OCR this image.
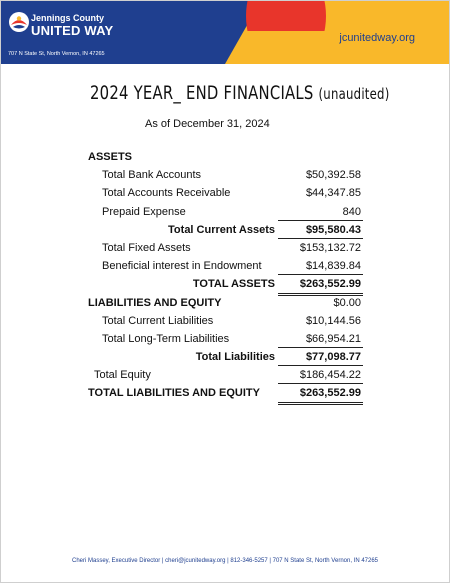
Jennings County
UNITED WAY
707 N State St, North Vernon, IN 47265
jcunitedway.org
2024 YEAR_ END FINANCIALS (unaudited)
As of December 31, 2024
ASSETS
Total Bank Accounts	$50,392.58
Total Accounts Receivable	$44,347.85
Prepaid Expense	840
Total Current Assets	$95,580.43
Total Fixed Assets	$153,132.72
Beneficial interest in Endowment	$14,839.84
TOTAL ASSETS $263,552.99
LIABILITIES AND EQUITY	$0.00
Total Current Liabilities	$10,144.56
Total Long-Term Liabilities	$66,954.21
Total Liabilities	$77,098.77
Total Equity	$186,454.22
TOTAL LIABILITIES AND EQUITY	$263,552.99
Cheri Massey, Executive Director | cheri@jcunitedway.org | 812-346-5257 | 707 N State St, North Vernon, IN 47265
